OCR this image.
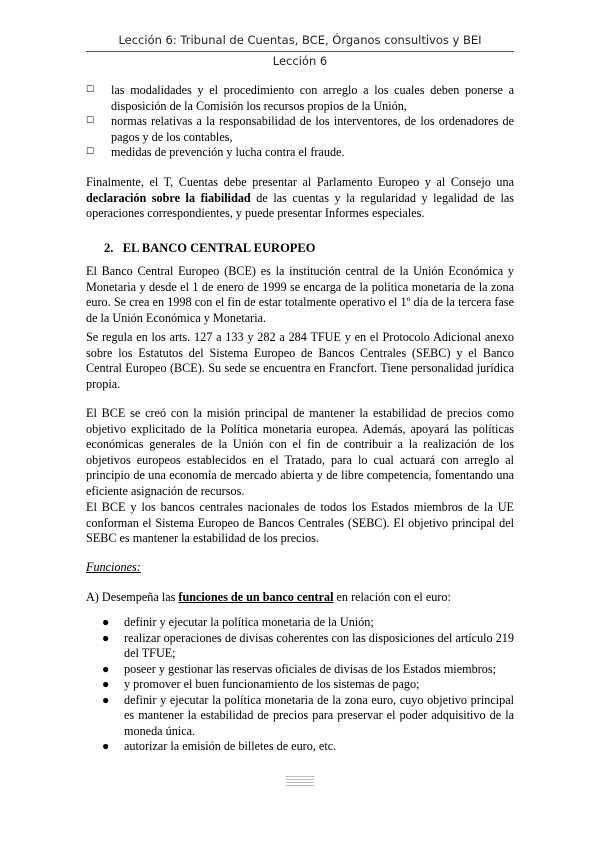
Lección 6: Tribunal de Cuentas, BCE, Órganos consultivos y BEI
Lección 6
☐ las modalidades y el procedimiento con arreglo a los cuales deben ponerse a disposición de la Comisión los recursos propios de la Unión,
☐ normas relativas a la responsabilidad de los interventores, de los ordenadores de pagos y de los contables,
☐ medidas de prevención y lucha contra el fraude.

Finalmente, el T, Cuentas debe presentar al Parlamento Europeo y al Consejo una declaración sobre la fiabilidad de las cuentas y la regularidad y legalidad de las operaciones correspondientes, y puede presentar Informes especiales.

2. EL BANCO CENTRAL EUROPEO

El Banco Central Europeo (BCE) es la institución central de la Unión Económica y Monetaria y desde el 1 de enero de 1999 se encarga de la política monetaria de la zona euro. Se crea en 1998 con el fin de estar totalmente operativo el 1º día de la tercera fase de la Unión Económica y Monetaria.

Se regula en los arts. 127 a 133 y 282 a 284 TFUE y en el Protocolo Adicional anexo sobre los Estatutos del Sistema Europeo de Bancos Centrales (SEBC) y el Banco Central Europeo (BCE). Su sede se encuentra en Francfort. Tiene personalidad jurídica propia.

El BCE se creó con la misión principal de mantener la estabilidad de precios como objetivo explicitado de la Política monetaria europea. Además, apoyará las políticas económicas generales de la Unión con el fin de contribuir a la realización de los objetivos europeos establecidos en el Tratado, para lo cual actuará con arreglo al principio de una economía de mercado abierta y de libre competencia, fomentando una eficiente asignación de recursos.

El BCE y los bancos centrales nacionales de todos los Estados miembros de la UE conforman el Sistema Europeo de Bancos Centrales (SEBC). El objetivo principal del SEBC es mantener la estabilidad de los precios.

Funciones:

A) Desempeña las funciones de un banco central en relación con el euro:

● definir y ejecutar la política monetaria de la Unión;
● realizar operaciones de divisas coherentes con las disposiciones del artículo 219 del TFUE;
● poseer y gestionar las reservas oficiales de divisas de los Estados miembros;
● y promover el buen funcionamiento de los sistemas de pago;
● definir y ejecutar la política monetaria de la zona euro, cuyo objetivo principal es mantener la estabilidad de precios para preservar el poder adquisitivo de la moneda única.
● autorizar la emisión de billetes de euro, etc.
